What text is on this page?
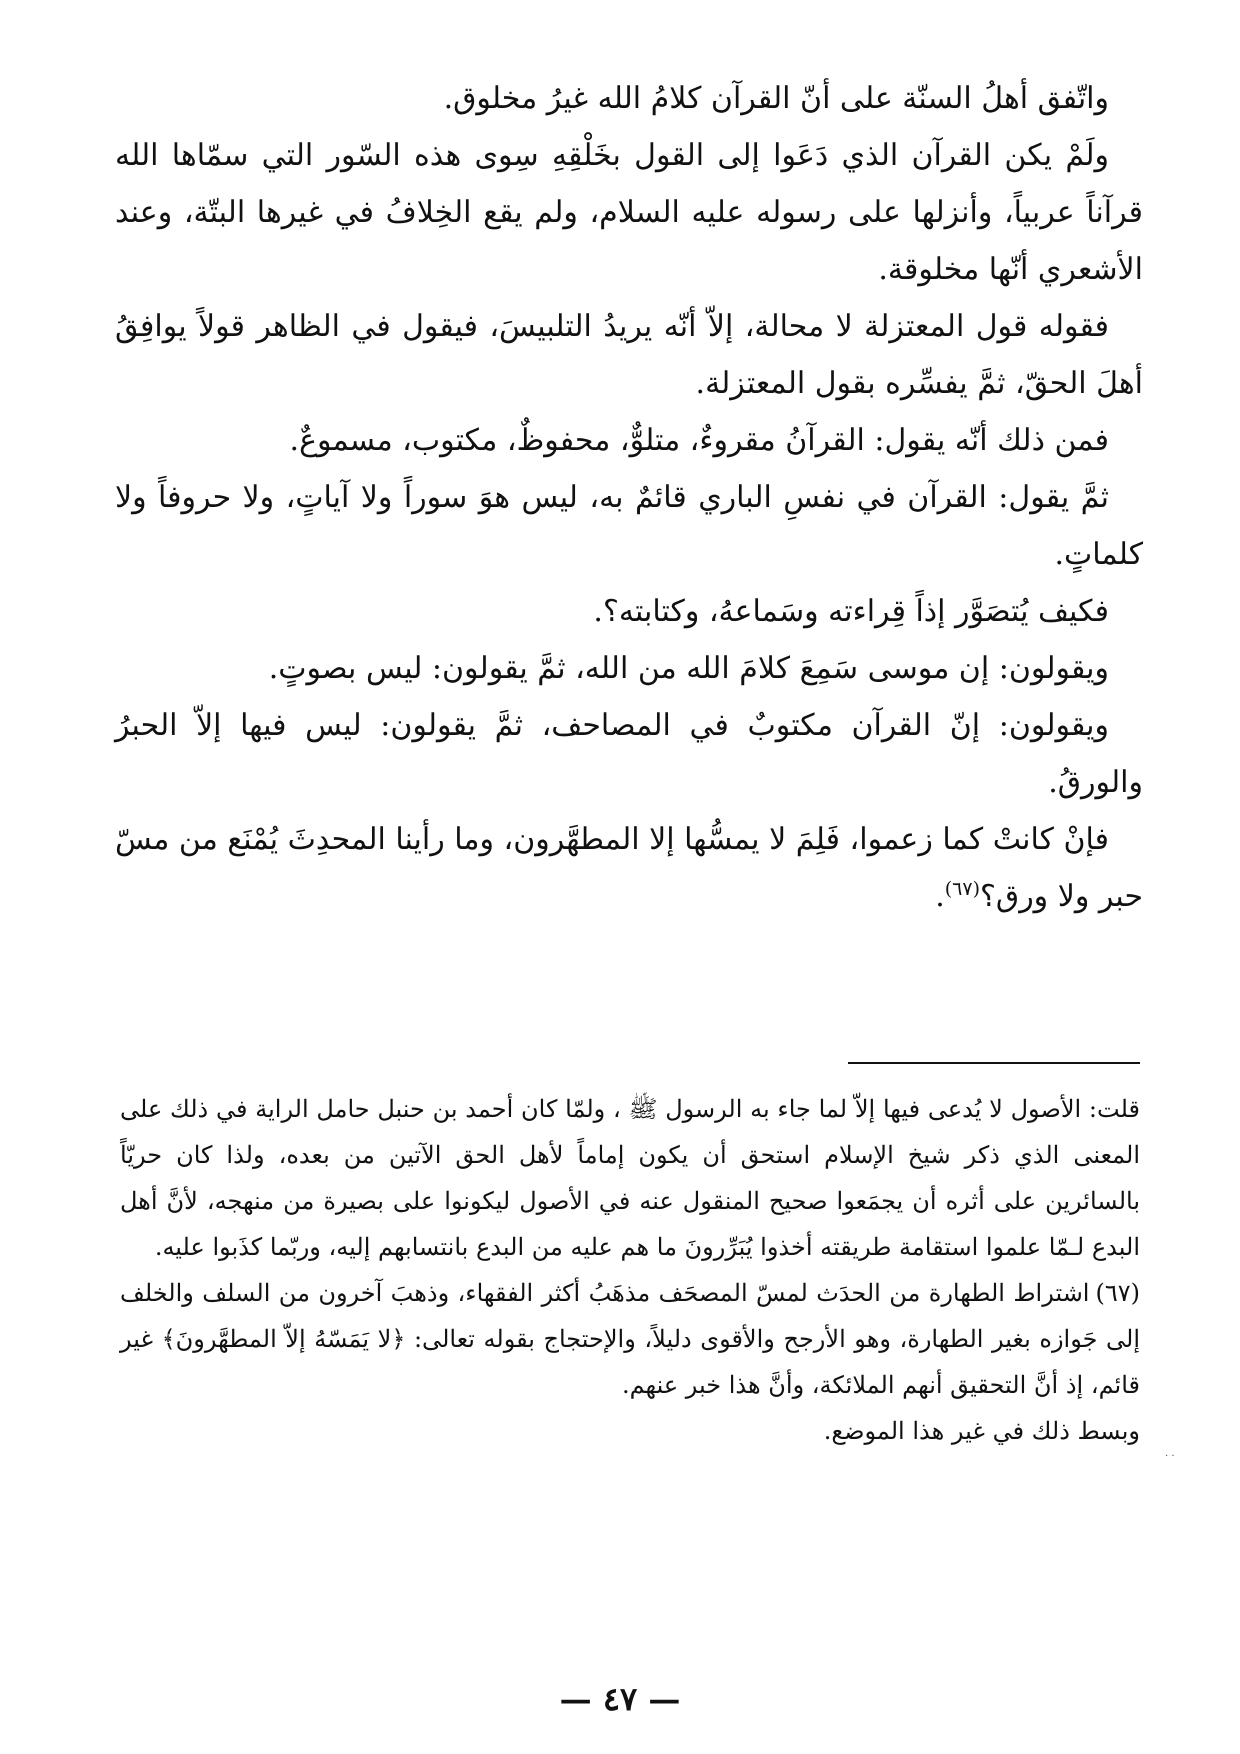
واتّفق أهلُ السنّة على أنّ القرآن كلامُ الله غيرُ مخلوق.

ولَمْ يكن القرآن الذي دَعَوا إلى القول بخَلْقِهِ سِوى هذه السّور التي سمّاها الله قرآناً عربياً، وأنزلها على رسوله عليه السلام، ولم يقع الخِلافُ في غيرها البتّة، وعند الأشعري أنّها مخلوقة.

فقوله قول المعتزلة لا محالة، إلاّ أنّه يريدُ التلبيسَ، فيقول في الظاهر قولاً يوافِقُ أهلَ الحقّ، ثمَّ يفسِّره بقول المعتزلة.

فمن ذلك أنّه يقول: القرآنُ مقروءٌ، متلوٌّ، محفوظٌ، مكتوب، مسموعٌ.

ثمَّ يقول: القرآن في نفسِ الباري قائمٌ به، ليس هوَ سوراً ولا آياتٍ، ولا حروفاً ولا كلماتٍ.

فكيف يُتصَوَّر إذاً قِراءته وسَماعهُ، وكتابته؟.

ويقولون: إن موسى سَمِعَ كلامَ الله من الله، ثمَّ يقولون: ليس بصوتٍ.

ويقولون: إنّ القرآن مكتوبٌ في المصاحف، ثمَّ يقولون: ليس فيها إلاّ الحبرُ والورقُ.

فإنْ كانتْ كما زعموا، فَلِمَ لا يمسُّها إلا المطهَّرون، وما رأينا المحدِثَ يُمْنَع من مسّ حبر ولا ورق؟$^{(٦٧)}$.

قلت: الأصول لا يُدعى فيها إلاّ لما جاء به الرسول ﷺ ، ولمّا كان أحمد بن حنبل حامل الراية في ذلك على المعنى الذي ذكر شيخ الإسلام استحق أن يكون إماماً لأهل الحق الآتين من بعده، ولذا كان حريّاً بالسائرين على أثره أن يجمَعوا صحيح المنقول عنه في الأصول ليكونوا على بصيرة من منهجه، لأنَّ أهل البدع لـمّا علموا استقامة طريقته أخذوا يُبَرِّرونَ ما هم عليه من البدع بانتسابهم إليه، وربّما كذَبوا عليه.

(٦٧)اشتراط الطهارة من الحدَث لمسّ المصحَف مذهَبُ أكثر الفقهاء، وذهبَ آخرون من السلف والخلف إلى جَوازه بغير الطهارة، وهو الأرجح والأقوى دليلاً، والإحتجاج بقوله تعالى: ﴿لا يَمَسّهُ إلاّ المطهَّرونَ﴾ غير قائم، إذ أنَّ التحقيق أنهم الملائكة، وأنَّ هذا خبر عنهم.

وبسط ذلك في غير هذا الموضع.

· ·
— ٤٧ —
